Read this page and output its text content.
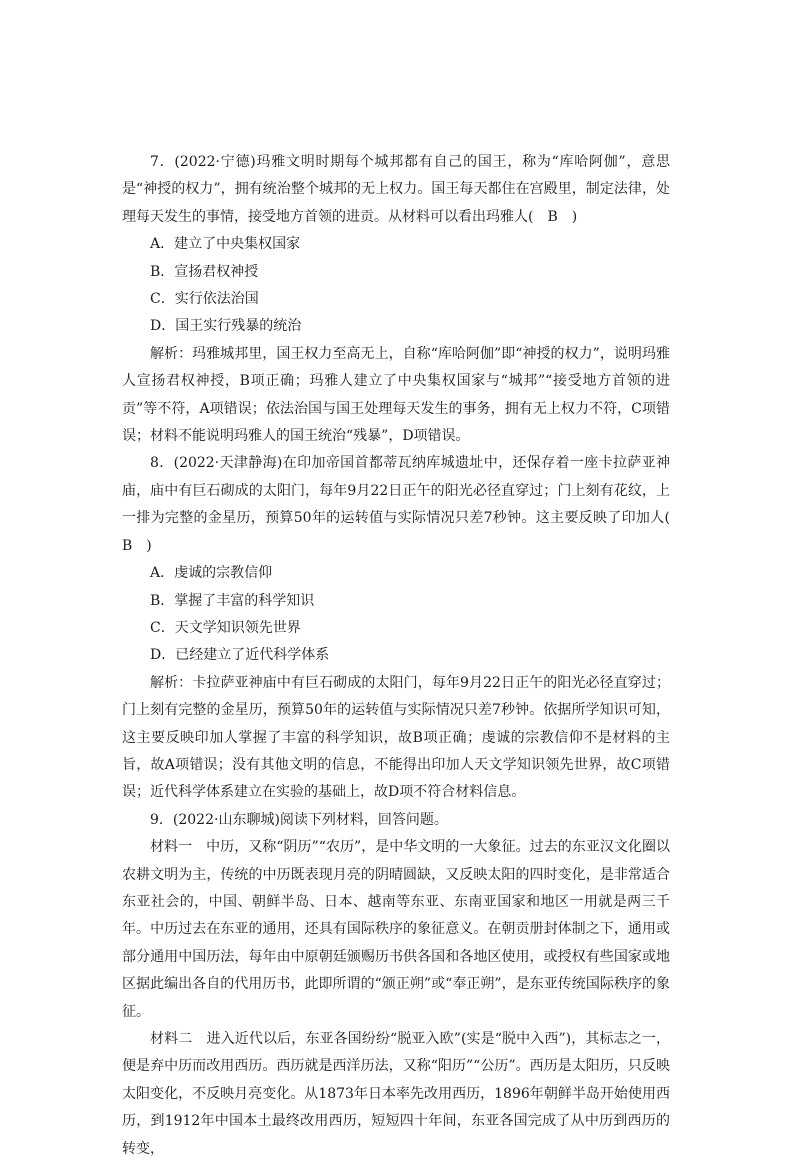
7．(2022·宁德)玛雅文明时期每个城邦都有自己的国王，称为“库哈阿伽”，意思是“神授的权力”，拥有统治整个城邦的无上权力。国王每天都住在宫殿里，制定法律，处理每天发生的事情，接受地方首领的进贡。从材料可以看出玛雅人(　B　)

A．建立了中央集权国家

B．宣扬君权神授

C．实行依法治国

D．国王实行残暴的统治

解析：玛雅城邦里，国王权力至高无上，自称“库哈阿伽”即“神授的权力”，说明玛雅人宣扬君权神授，B项正确；玛雅人建立了中央集权国家与“城邦”“接受地方首领的进贡”等不符，A项错误；依法治国与国王处理每天发生的事务，拥有无上权力不符，C项错误；材料不能说明玛雅人的国王统治“残暴”，D项错误。

8．(2022·天津静海)在印加帝国首都蒂瓦纳库城遗址中，还保存着一座卡拉萨亚神庙，庙中有巨石砌成的太阳门，每年9月22日正午的阳光必径直穿过；门上刻有花纹，上一排为完整的金星历，预算50年的运转值与实际情况只差7秒钟。这主要反映了印加人(　B　)

A．虔诚的宗教信仰

B．掌握了丰富的科学知识

C．天文学知识领先世界

D．已经建立了近代科学体系

解析：卡拉萨亚神庙中有巨石砌成的太阳门，每年9月22日正午的阳光必径直穿过；门上刻有完整的金星历，预算50年的运转值与实际情况只差7秒钟。依据所学知识可知，这主要反映印加人掌握了丰富的科学知识，故B项正确；虔诚的宗教信仰不是材料的主旨，故A项错误；没有其他文明的信息，不能得出印加人天文学知识领先世界，故C项错误；近代科学体系建立在实验的基础上，故D项不符合材料信息。

9．(2022·山东聊城)阅读下列材料，回答问题。

材料一　中历，又称“阴历”“农历”，是中华文明的一大象征。过去的东亚汉文化圈以农耕文明为主，传统的中历既表现月亮的阴晴圆缺，又反映太阳的四时变化，是非常适合东亚社会的，中国、朝鲜半岛、日本、越南等东亚、东南亚国家和地区一用就是两三千年。中历过去在东亚的通用，还具有国际秩序的象征意义。在朝贡册封体制之下，通用或部分通用中国历法，每年由中原朝廷颁赐历书供各国和各地区使用，或授权有些国家或地区据此编出各自的代用历书，此即所谓的“颁正朔”或“奉正朔”，是东亚传统国际秩序的象征。

材料二　进入近代以后，东亚各国纷纷“脱亚入欧”(实是“脱中入西”)，其标志之一，便是弃中历而改用西历。西历就是西洋历法，又称“阳历”“公历”。西历是太阳历，只反映太阳变化，不反映月亮变化。从1873年日本率先改用西历，1896年朝鲜半岛开始使用西历，到1912年中国本土最终改用西历，短短四十年间，东亚各国完成了从中历到西历的转变，
